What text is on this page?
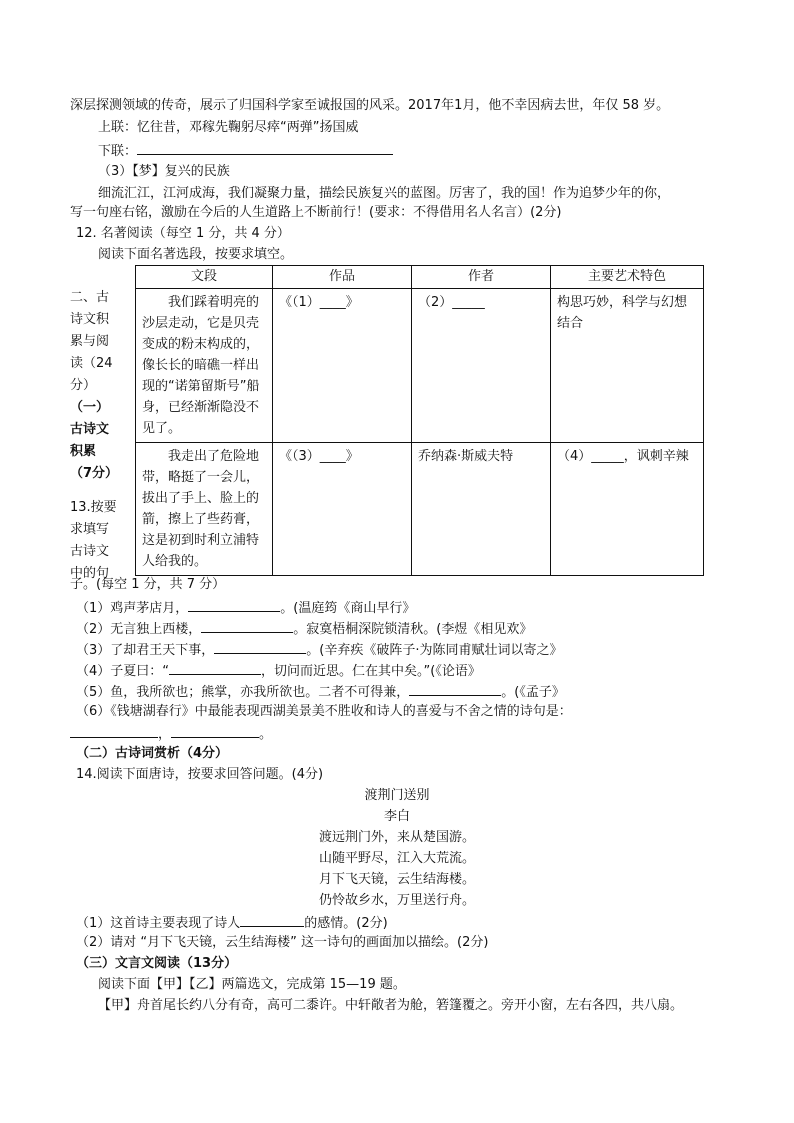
深层探测领域的传奇，展示了归国科学家至诚报国的风采。2017年1月，他不幸因病去世，年仅 58 岁。
上联：忆往昔，邓稼先鞠躬尽瘁“两弹”扬国威
下联：
（3）【梦】复兴的民族
细流汇江，江河成海，我们凝聚力量，描绘民族复兴的蓝图。厉害了，我的国！作为追梦少年的你，
写一句座右铭，激励在今后的人生道路上不断前行！(要求：不得借用名人名言）(2分)
12. 名著阅读（每空 1 分，共 4 分）
阅读下面名著选段，按要求填空。
文段	作品	作者	主要艺术特色
我们踩着明亮的沙层走动，它是贝壳变成的粉末构成的，像长长的暗礁一样出现的“诺第留斯号”船身，已经渐渐隐没不见了。	《（1）____》	（2）_____	构思巧妙，科学与幻想结合
我走出了危险地带，略挺了一会儿，拔出了手上、脸上的箭，擦上了些药膏，这是初到时利立浦特人给我的。	《（3）____》	乔纳森·斯威夫特	（4）_____，讽刺辛辣
二、古
诗文积
累与阅
读（24
分）
（一）
古诗文
积累
（7分）
13.按要
求填写
古诗文
中的句
子。(每空 1 分，共 7 分）
（1）鸡声茅店月，	。(温庭筠《商山早行》
（2）无言独上西楼，	。寂寞梧桐深院锁清秋。(李煜《相见欢》
（3）了却君王天下事，	。(辛弃疾《破阵子·为陈同甫赋壮词以寄之》
（4）子夏曰：“	，切问而近思。仁在其中矣。”(《论语》
（5）鱼，我所欲也；熊掌，亦我所欲也。二者不可得兼，	。(《孟子》
（6）《钱塘湖春行》中最能表现西湖美景美不胜收和诗人的喜爱与不舍之情的诗句是：
，	。
（二）古诗词赏析（4分）
14.阅读下面唐诗，按要求回答问题。(4分)
渡荆门送别
李白
渡远荆门外，来从楚国游。
山随平野尽，江入大荒流。
月下飞天镜，云生结海楼。
仍怜故乡水，万里送行舟。
（1）这首诗主要表现了诗人	的感情。(2分)
（2）请对 “月下飞天镜，云生结海楼” 这一诗句的画面加以描绘。(2分)
（三）文言文阅读（13分）
阅读下面【甲】【乙】两篇选文，完成第 15—19 题。
【甲】舟首尾长约八分有奇，高可二黍许。中轩敞者为舱，箬篷覆之。旁开小窗，左右各四，共八扇。
